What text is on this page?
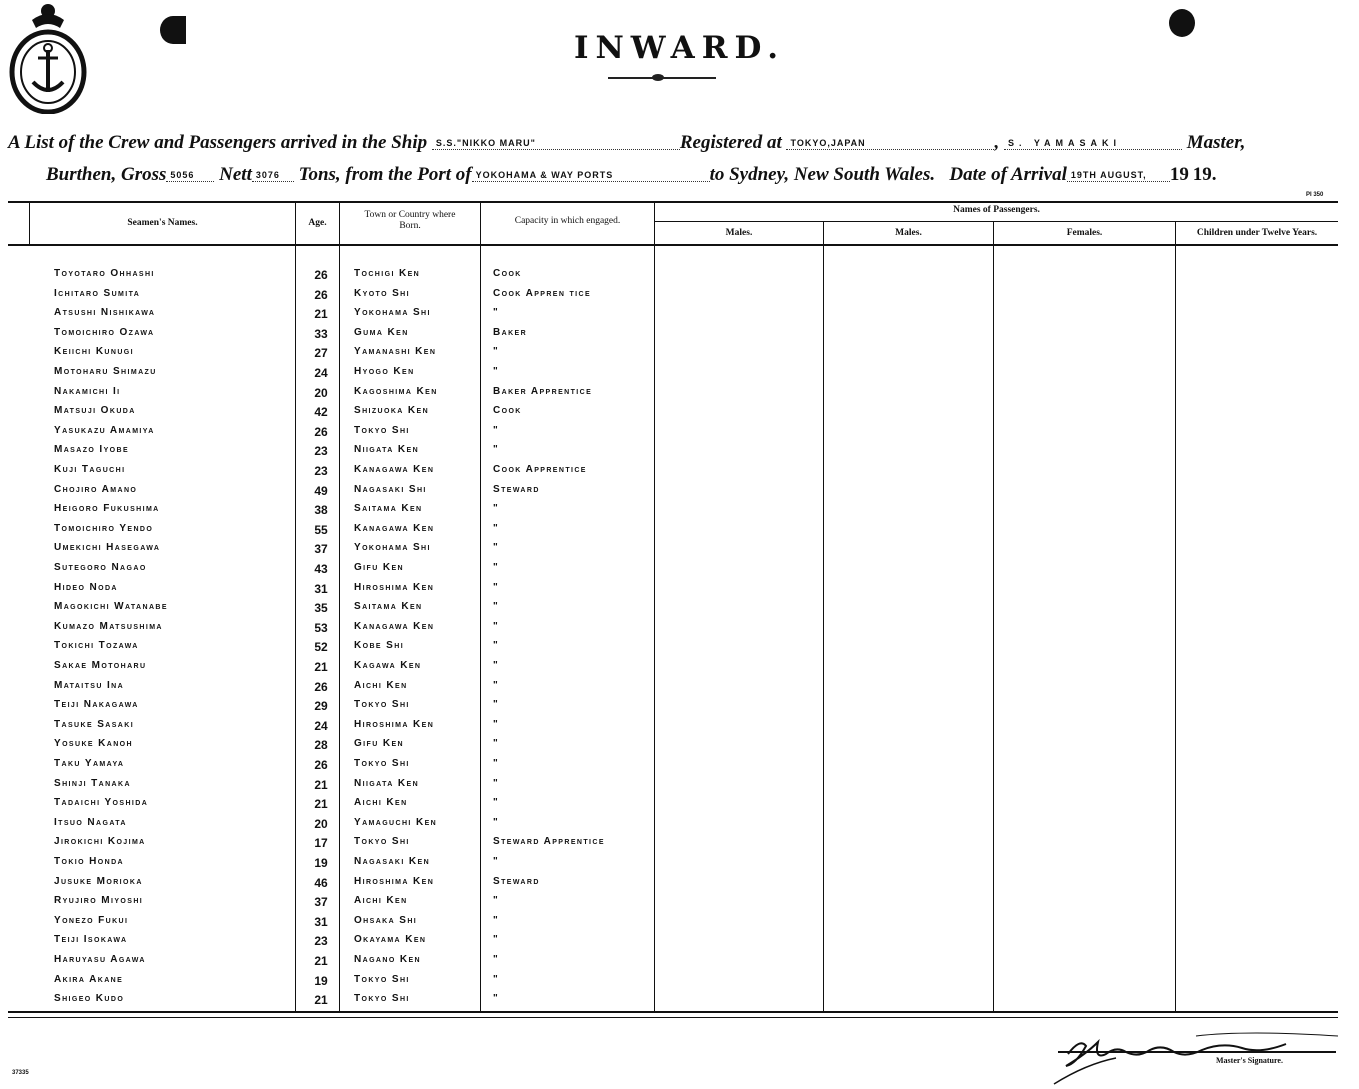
INWARD.
A List of the Crew and Passengers arrived in the Ship S.S."NIKKO MARU"	Registered at TOKYO,JAPAN	, S. YAMASAKI	Master,
Burthen, Gross 5056 Nett 3076 Tons, from the Port of YOKOHAMA & WAY PORTS	to Sydney, New South Wales. Date of Arrival 19TH AUGUST, 19  19.
PI 350
Seamen's Names.	Age.
Town or Country where Born.	Capacity in which engaged.
Names of Passengers.
Males.	Males.	Females.	Children under Twelve Years.
Toyotaro Ohhashi	26	Tochigi Ken	Cook
Ichitaro Sumita	26	Kyoto Shi	Cook Appren tice
Atsushi Nishikawa	21	Yokohama Shi	"
Tomoichiro Ozawa	33	Guma Ken	Baker
Keiichi Kunugi	27	Yamanashi Ken	"
Motoharu Shimazu	24	Hyogo Ken	"
Nakamichi Ii	20	Kagoshima Ken	Baker Apprentice
Matsuji Okuda	42	Shizuoka Ken	Cook
Yasukazu Amamiya	26	Tokyo Shi	"
Masazo Iyobe	23	Niigata Ken	"
Kuji Taguchi	23	Kanagawa Ken	Cook Apprentice
Chojiro Amano	49	Nagasaki Shi	Steward
Heigoro Fukushima	38	Saitama Ken	"
Tomoichiro Yendo	55	Kanagawa Ken	"
Umekichi Hasegawa	37	Yokohama Shi	"
Sutegoro Nagao	43	Gifu Ken	"
Hideo Noda	31	Hiroshima Ken	"
Magokichi Watanabe	35	Saitama Ken	"
Kumazo Matsushima	53	Kanagawa Ken	"
Tokichi Tozawa	52	Kobe Shi	"
Sakae Motoharu	21	Kagawa Ken	"
Mataitsu Ina	26	Aichi Ken	"
Teiji Nakagawa	29	Tokyo Shi	"
Tasuke Sasaki	24	Hiroshima Ken	"
Yosuke Kanoh	28	Gifu Ken	"
Taku Yamaya	26	Tokyo Shi	"
Shinji Tanaka	21	Niigata Ken	"
Tadaichi Yoshida	21	Aichi Ken	"
Itsuo Nagata	20	Yamaguchi Ken	"
Jirokichi Kojima	17	Tokyo Shi	Steward Apprentice
Tokio Honda	19	Nagasaki Ken	"
Jusuke Morioka	46	Hiroshima Ken	Steward
Ryujiro Miyoshi	37	Aichi Ken	"
Yonezo Fukui	31	Ohsaka Shi	"
Teiji Isokawa	23	Okayama Ken	"
Haruyasu Agawa	21	Nagano Ken	"
Akira Akane	19	Tokyo Shi	"
Shigeo Kudo	21	Tokyo Shi	"
Master's Signature.
37335
